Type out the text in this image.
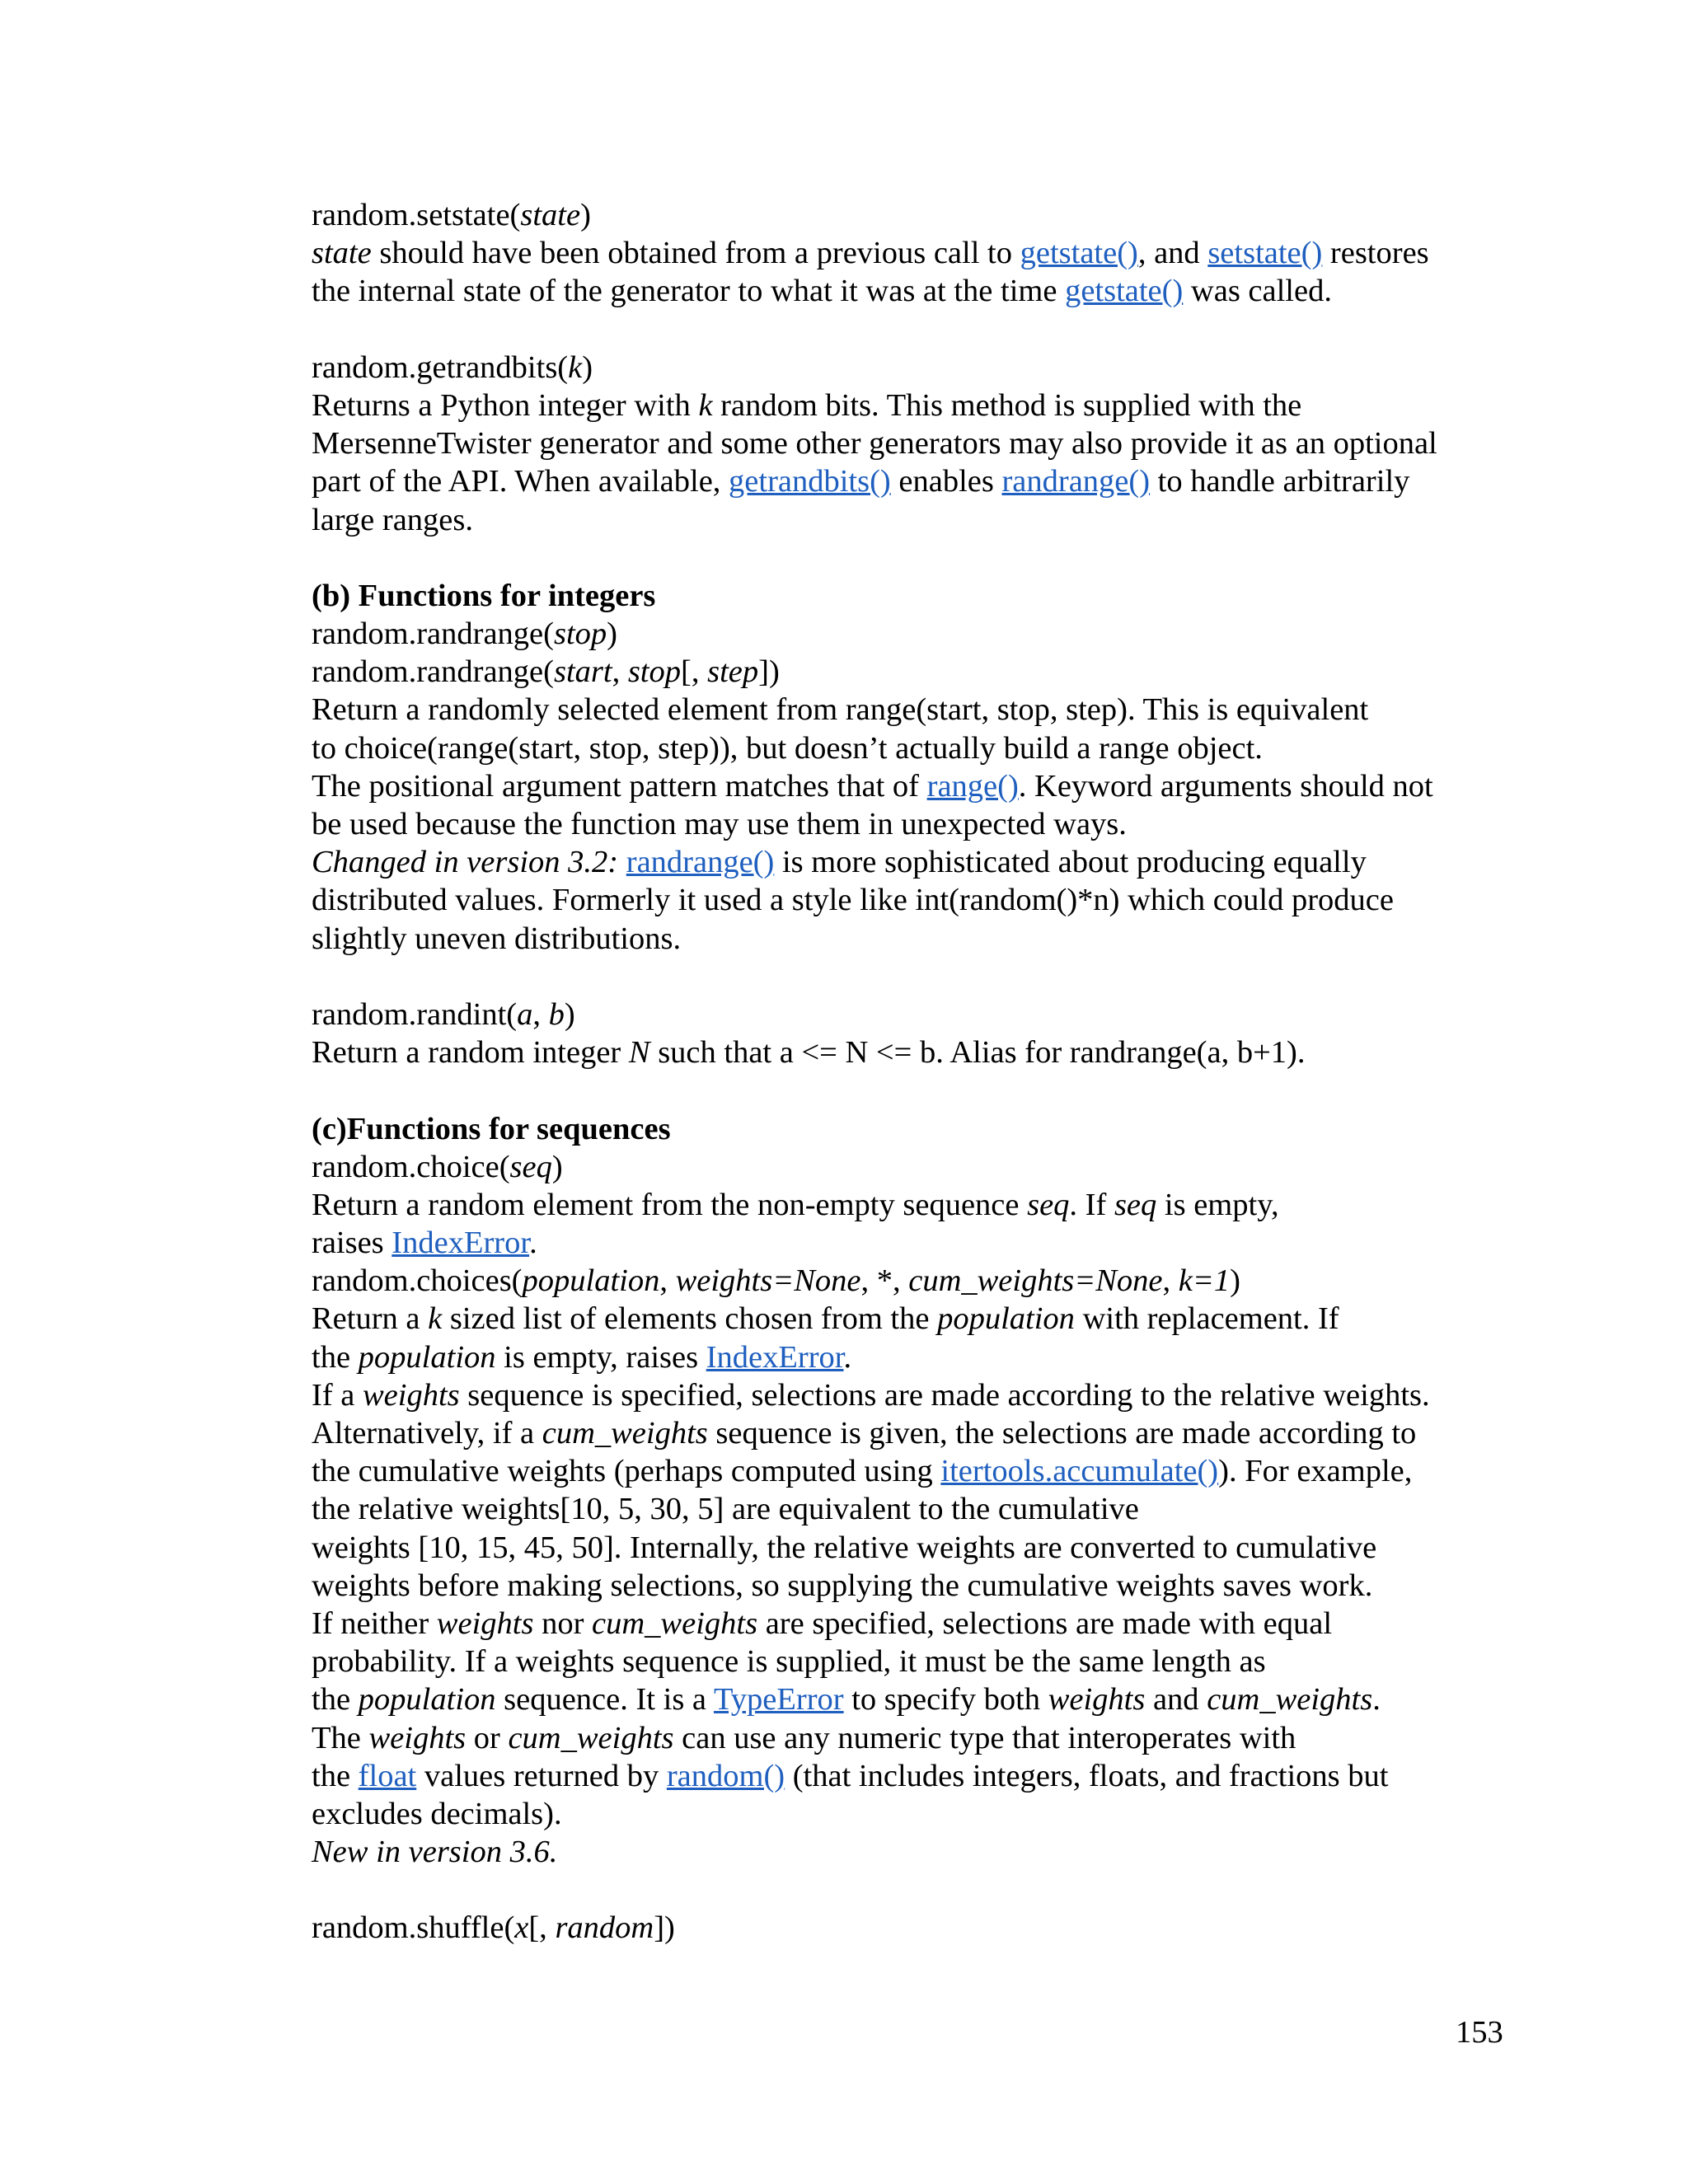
random.setstate(state)
state should have been obtained from a previous call to getstate(), and setstate() restores
the internal state of the generator to what it was at the time getstate() was called.
random.getrandbits(k)
Returns a Python integer with k random bits. This method is supplied with the
MersenneTwister generator and some other generators may also provide it as an optional
part of the API. When available, getrandbits() enables randrange() to handle arbitrarily
large ranges.
(b) Functions for integers
random.randrange(stop)
random.randrange(start, stop[, step])
Return a randomly selected element from range(start, stop, step). This is equivalent
to choice(range(start, stop, step)), but doesn’t actually build a range object.
The positional argument pattern matches that of range(). Keyword arguments should not
be used because the function may use them in unexpected ways.
Changed in version 3.2: randrange() is more sophisticated about producing equally
distributed values. Formerly it used a style like int(random()*n) which could produce
slightly uneven distributions.
random.randint(a, b)
Return a random integer N such that a <= N <= b. Alias for randrange(a, b+1).
(c)Functions for sequences
random.choice(seq)
Return a random element from the non-empty sequence seq. If seq is empty,
raises IndexError.
random.choices(population, weights=None, *, cum_weights=None, k=1)
Return a k sized list of elements chosen from the population with replacement. If
the population is empty, raises IndexError.
If a weights sequence is specified, selections are made according to the relative weights.
Alternatively, if a cum_weights sequence is given, the selections are made according to
the cumulative weights (perhaps computed using itertools.accumulate()). For example,
the relative weights[10, 5, 30, 5] are equivalent to the cumulative
weights [10, 15, 45, 50]. Internally, the relative weights are converted to cumulative
weights before making selections, so supplying the cumulative weights saves work.
If neither weights nor cum_weights are specified, selections are made with equal
probability. If a weights sequence is supplied, it must be the same length as
the population sequence. It is a TypeError to specify both weights and cum_weights.
The weights or cum_weights can use any numeric type that interoperates with
the float values returned by random() (that includes integers, floats, and fractions but
excludes decimals).
New in version 3.6.
random.shuffle(x[, random])
153
